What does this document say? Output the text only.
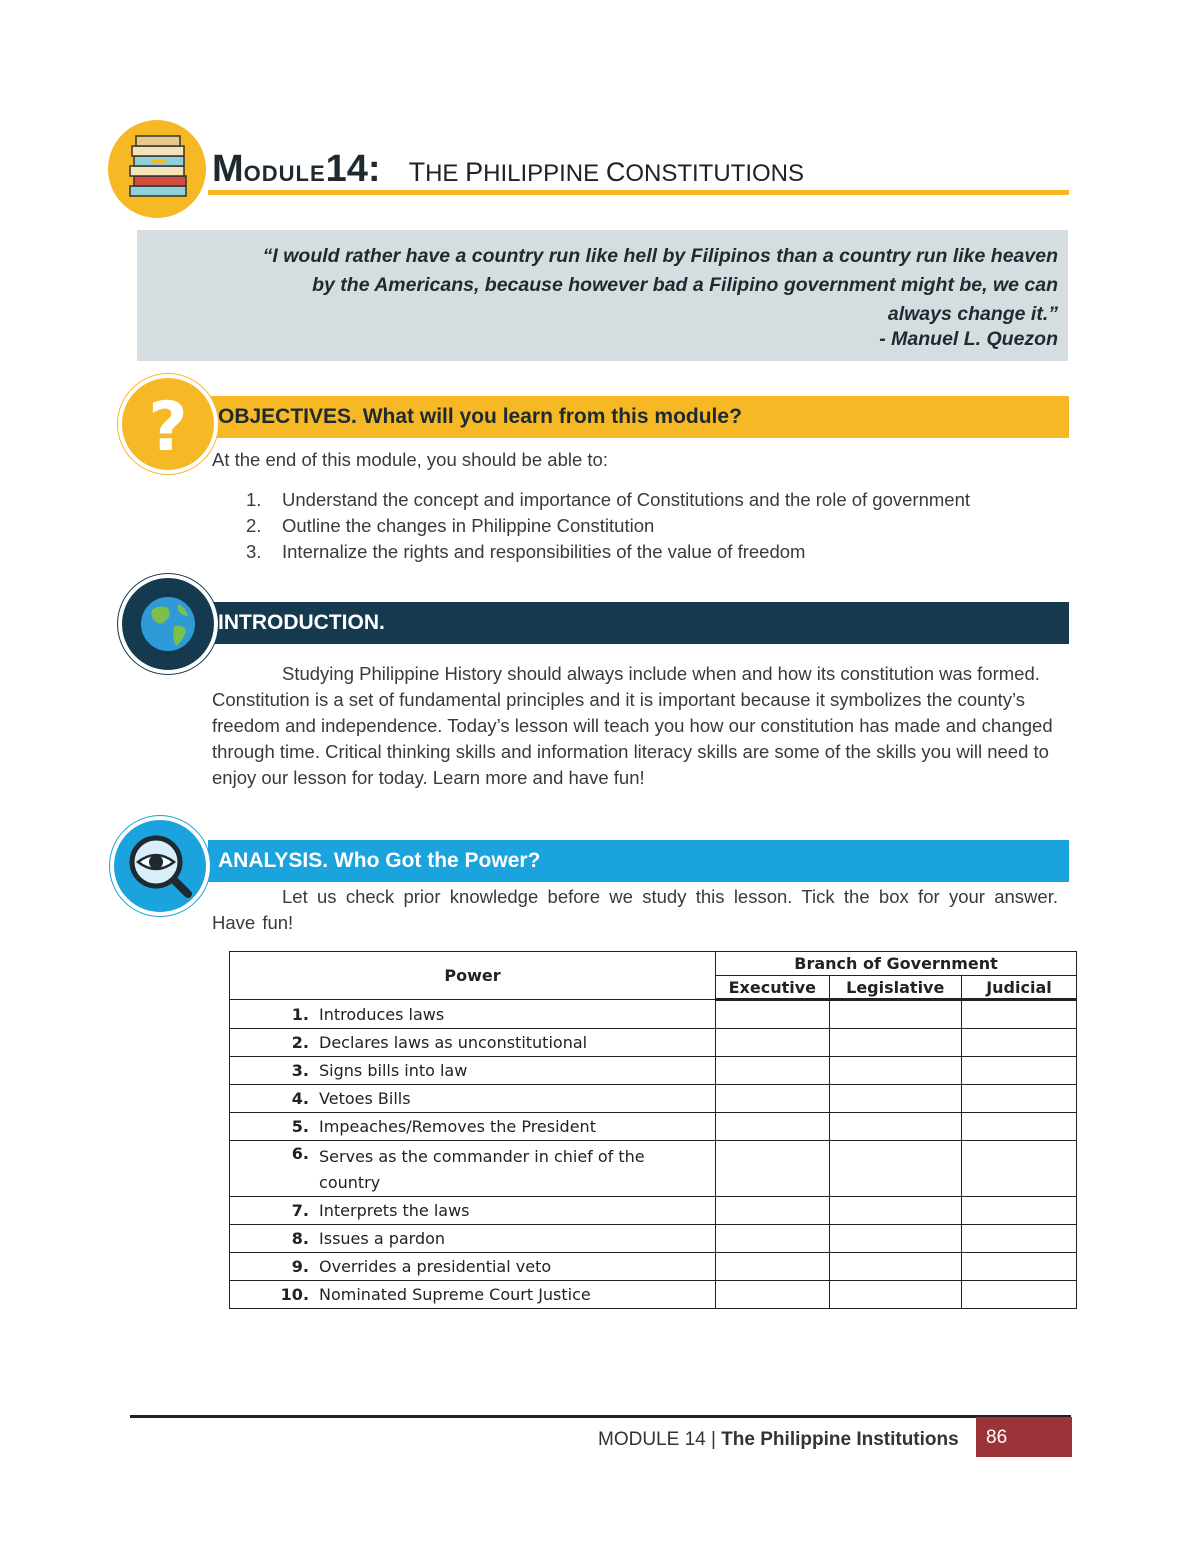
MODULE14: THE PHILIPPINE CONSTITUTIONS
“I would rather have a country run like hell by Filipinos than a country run like heaven
by the Americans, because however bad a Filipino government might be, we can
always change it.”
- Manuel L. Quezon
OBJECTIVES. What will you learn from this module?
? At the end of this module, you should be able to:
1.	Understand the concept and importance of Constitutions and the role of government
2.	Outline the changes in Philippine Constitution
3.	Internalize the rights and responsibilities of the value of freedom
INTRODUCTION.
Studying Philippine History should always include when and how its constitution was formed. Constitution is a set of fundamental principles and it is important because it symbolizes the county’s freedom and independence. Today’s lesson will teach you how our constitution has made and changed through time. Critical thinking skills and information literacy skills are some of the skills you will need to enjoy our lesson for today. Learn more and have fun!
ANALYSIS. Who Got the Power?
Let us check prior knowledge before we study this lesson. Tick the box for your answer. Have fun!
Power		Branch of Government		
		Executive	Legislative	Judicial
1.	Introduces laws			
2.	Declares laws as unconstitutional			
3.	Signs bills into law			
4.	Vetoes Bills			
5.	Impeaches/Removes the President			
6.	Serves as the commander in chief of the country			
7.	Interprets the laws			
8.	Issues a pardon			
9.	Overrides a presidential veto			
10.	Nominated Supreme Court Justice			
MODULE 14 | The Philippine Institutions 86
